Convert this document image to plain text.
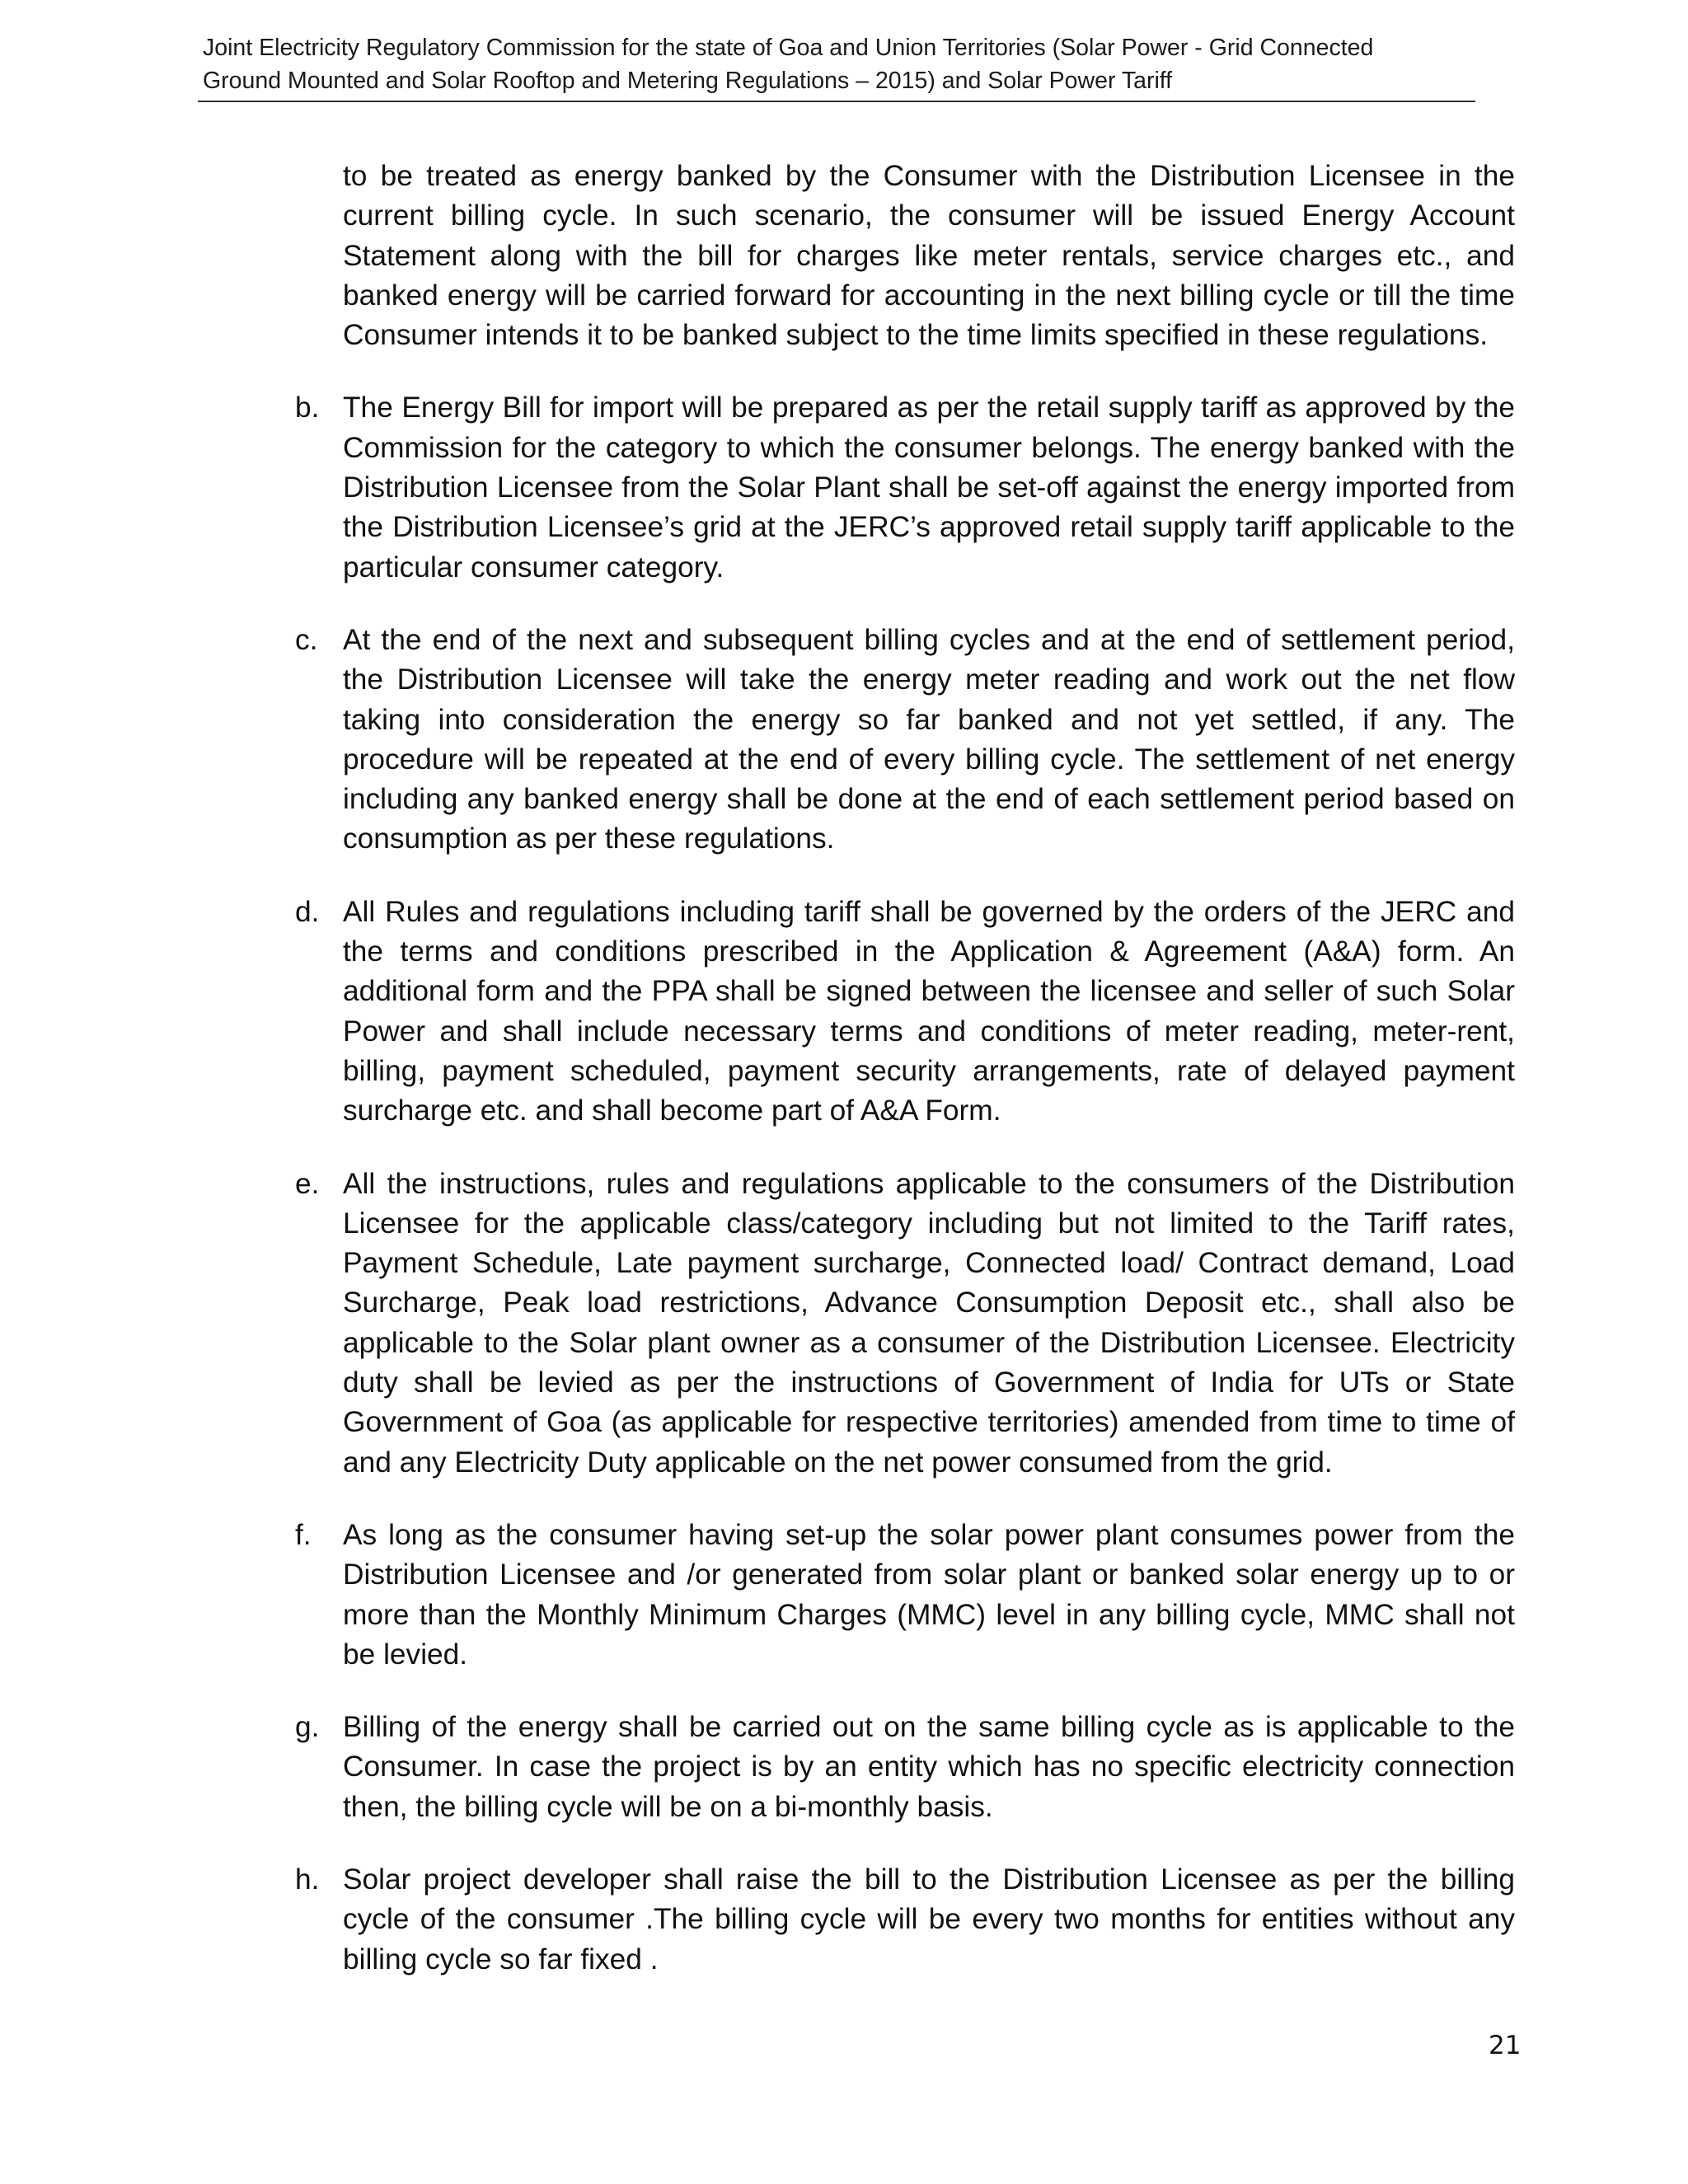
Joint Electricity Regulatory Commission for the state of Goa and Union Territories (Solar Power - Grid Connected
Ground Mounted and Solar Rooftop and Metering Regulations – 2015) and Solar Power Tariff
to be treated as energy banked by the Consumer with the Distribution Licensee in the current billing cycle. In such scenario, the consumer will be issued Energy Account Statement along with the bill for charges like meter rentals, service charges etc., and banked energy will be carried forward for accounting in the next billing cycle or till the time Consumer intends it to be banked subject to the time limits specified in these regulations.
b. The Energy Bill for import will be prepared as per the retail supply tariff as approved by the Commission for the category to which the consumer belongs. The energy banked with the Distribution Licensee from the Solar Plant shall be set-off against the energy imported from the Distribution Licensee’s grid at the JERC’s approved retail supply tariff applicable to the particular consumer category.
c. At the end of the next and subsequent billing cycles and at the end of settlement period, the Distribution Licensee will take the energy meter reading and work out the net flow taking into consideration the energy so far banked and not yet settled, if any. The procedure will be repeated at the end of every billing cycle. The settlement of net energy including any banked energy shall be done at the end of each settlement period based on consumption as per these regulations.
d. All Rules and regulations including tariff shall be governed by the orders of the JERC and the terms and conditions prescribed in the Application & Agreement (A&A) form. An additional form and the PPA shall be signed between the licensee and seller of such Solar Power and shall include necessary terms and conditions of meter reading, meter-rent, billing, payment scheduled, payment security arrangements, rate of delayed payment surcharge etc. and shall become part of A&A Form.
e. All the instructions, rules and regulations applicable to the consumers of the Distribution Licensee for the applicable class/category including but not limited to the Tariff rates, Payment Schedule, Late payment surcharge, Connected load/ Contract demand, Load Surcharge, Peak load restrictions, Advance Consumption Deposit etc., shall also be applicable to the Solar plant owner as a consumer of the Distribution Licensee. Electricity duty shall be levied as per the instructions of Government of India for UTs or State Government of Goa (as applicable for respective territories) amended from time to time of and any Electricity Duty applicable on the net power consumed from the grid.
f. As long as the consumer having set-up the solar power plant consumes power from the Distribution Licensee and /or generated from solar plant or banked solar energy up to or more than the Monthly Minimum Charges (MMC) level in any billing cycle, MMC shall not be levied.
g. Billing of the energy shall be carried out on the same billing cycle as is applicable to the Consumer. In case the project is by an entity which has no specific electricity connection then, the billing cycle will be on a bi-monthly basis.
h. Solar project developer shall raise the bill to the Distribution Licensee as per the billing cycle of the consumer .The billing cycle will be every two months for entities without any billing cycle so far fixed .
21
